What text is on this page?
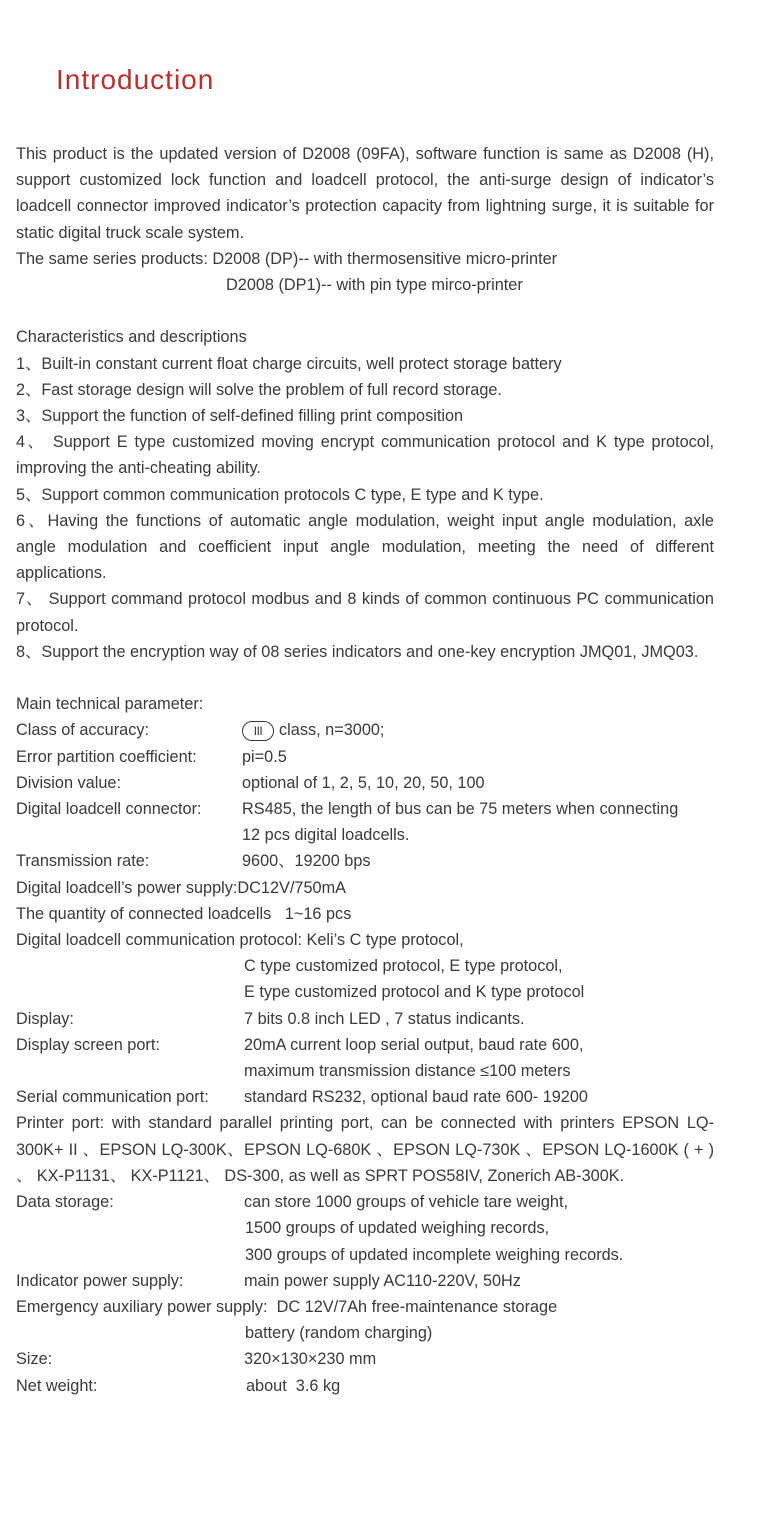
Introduction

This product is the updated version of D2008 (09FA), software function is same as D2008 (H), support customized lock function and loadcell protocol, the anti-surge design of indicator’s loadcell connector improved indicator’s protection capacity from lightning surge, it is suitable for static digital truck scale system.

The same series products: D2008 (DP)-- with thermosensitive micro-printer

D2008 (DP1)-- with pin type mirco-printer

Characteristics and descriptions

1、Built-in constant current float charge circuits, well protect storage battery

2、Fast storage design will solve the problem of full record storage.

3、Support the function of self-defined filling print composition

4、 Support E type customized moving encrypt communication protocol and K type protocol, improving the anti-cheating ability.

5、Support common communication protocols C type, E type and K type.

6、Having the functions of automatic angle modulation, weight input angle modulation, axle angle modulation and coefficient input angle modulation, meeting the need of different applications.

7、 Support command protocol modbus and 8 kinds of common continuous PC communication protocol.

8、Support the encryption way of 08 series indicators and one-key encryption JMQ01, JMQ03.

Main technical parameter:

Class of accuracy:	III class, n=3000;
Error partition coefficient:	pi=0.5
Division value:	optional of 1, 2, 5, 10, 20, 50, 100
Digital loadcell connector:	RS485, the length of bus can be 75 meters when connecting

12 pcs digital loadcells.

Transmission rate:	9600、19200 bps

Digital loadcell’s power supply:DC12V/750mA

The quantity of connected loadcells   1~16 pcs

Digital loadcell communication protocol: Keli’s C type protocol,

C type customized protocol, E type protocol,

E type customized protocol and K type protocol

Display:	7 bits 0.8 inch LED , 7 status indicants.
Display screen port:	20mA current loop serial output, baud rate 600,

maximum transmission distance ≤100 meters

Serial communication port:	standard RS232, optional baud rate 600- 19200

Printer port: with standard parallel printing port, can be connected with printers EPSON LQ-300K+ II 、EPSON LQ-300K、EPSON LQ-680K 、EPSON LQ-730K 、EPSON LQ-1600K ( + ) 、 KX-P1131、 KX-P1121、 DS-300, as well as SPRT POS58IV, Zonerich AB-300K.

Data storage:	can store 1000 groups of vehicle tare weight,

1500 groups of updated weighing records,

300 groups of updated incomplete weighing records.

Indicator power supply:	main power supply AC110-220V, 50Hz

Emergency auxiliary power supply:  DC 12V/7Ah free-maintenance storage

battery (random charging)

Size:	320×130×230 mm
Net weight:	about  3.6 kg
